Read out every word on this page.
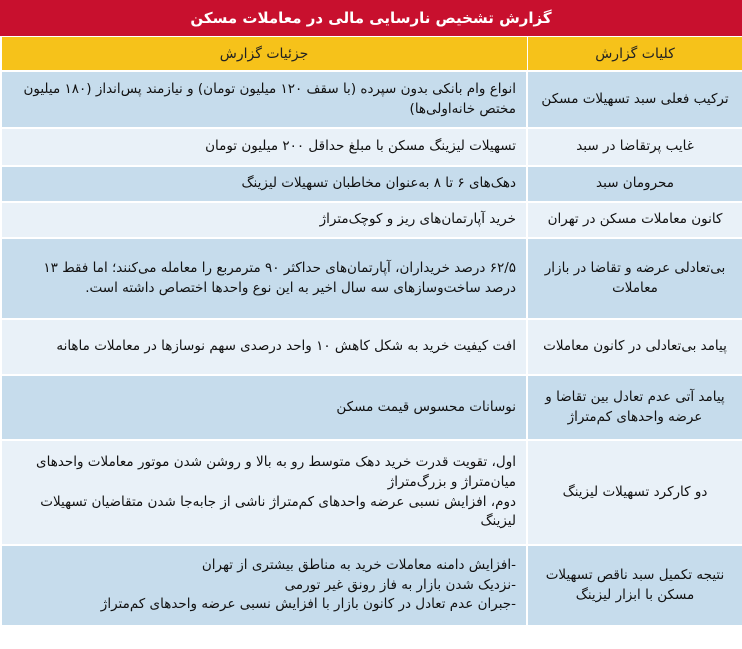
گزارش تشخیص نارسایی مالی در معاملات مسکن
کلیات گزارش	جزئیات گزارش
ترکیب فعلی سبد تسهیلات مسکن	انواع وام بانکی بدون سپرده (با سقف ۱۲۰ میلیون تومان) و نیازمند پس‌انداز (۱۸۰ میلیون مختص خانه‌اولی‌ها)

غایب پرتقاضا در سبد	تسهیلات لیزینگ مسکن با مبلغ حداقل ۲۰۰ میلیون تومان

محرومان سبد	دهک‌های ۶ تا ۸ به‌عنوان مخاطبان تسهیلات لیزینگ

کانون معاملات مسکن در تهران	خرید آپارتمان‌های ریز و کوچک‌متراژ

بی‌تعادلی عرضه و تقاضا در بازار معاملات	۶۲/۵ درصد خریداران، آپارتمان‌های حداکثر ۹۰ مترمربع را معامله می‌کنند؛ اما فقط ۱۳ درصد ساخت‌وسازهای سه سال اخیر به این نوع واحدها اختصاص داشته است.

پیامد بی‌تعادلی در کانون معاملات	افت کیفیت خرید به شکل کاهش ۱۰ واحد درصدی سهم نوسازها در معاملات ماهانه

پیامد آتی عدم تعادل بین تقاضا و عرضه واحدهای کم‌متراژ	نوسانات محسوس قیمت مسکن

دو کارکرد تسهیلات لیزینگ	اول، تقویت قدرت خرید دهک متوسط رو به بالا و روشن شدن موتور معاملات واحدهای میان‌متراژ و بزرگ‌متراژ
دوم، افزایش نسبی عرضه واحدهای کم‌متراژ ناشی از جابه‌جا شدن متقاضیان تسهیلات لیزینگ

نتیجه تکمیل سبد ناقص تسهیلات مسکن با ابزار لیزینگ	-افزایش دامنه معاملات خرید به مناطق بیشتری از تهران
-نزدیک شدن بازار به فاز رونق غیر تورمی
-جبران عدم تعادل در کانون بازار با افزایش نسبی عرضه واحدهای کم‌متراژ
